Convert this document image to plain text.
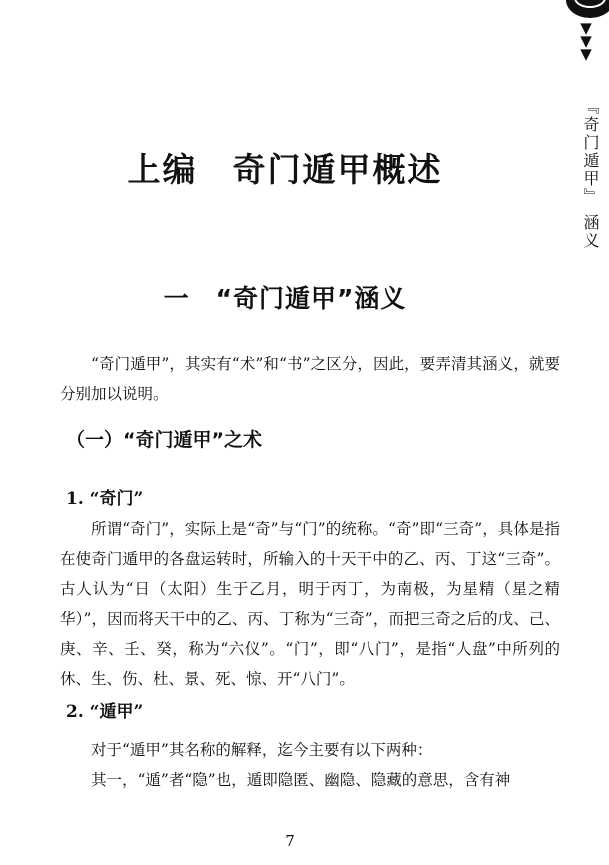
▼
▼
▼
『奇门遁甲』
涵义
上编　奇门遁甲概述
一　“奇门遁甲”涵义

“奇门遁甲”，其实有“术”和“书”之区分，因此，要弄清其涵义，就要分别加以说明。

（一）“奇门遁甲”之术
1. “奇门”

所谓“奇门”，实际上是“奇”与“门”的统称。“奇”即“三奇”，具体是指在使奇门遁甲的各盘运转时，所输入的十天干中的乙、丙、丁这“三奇”。古人认为“日（太阳）生于乙月，明于丙丁，为南极，为星精（星之精华）”，因而将天干中的乙、丙、丁称为“三奇”，而把三奇之后的戊、己、庚、辛、壬、癸，称为“六仪”。“门”，即“八门”，是指“人盘”中所列的休、生、伤、杜、景、死、惊、开“八门”。

2. “遁甲”

对于“遁甲”其名称的解释，迄今主要有以下两种：
其一，“遁”者“隐”也，遁即隐匿、幽隐、隐藏的意思，含有神

7
